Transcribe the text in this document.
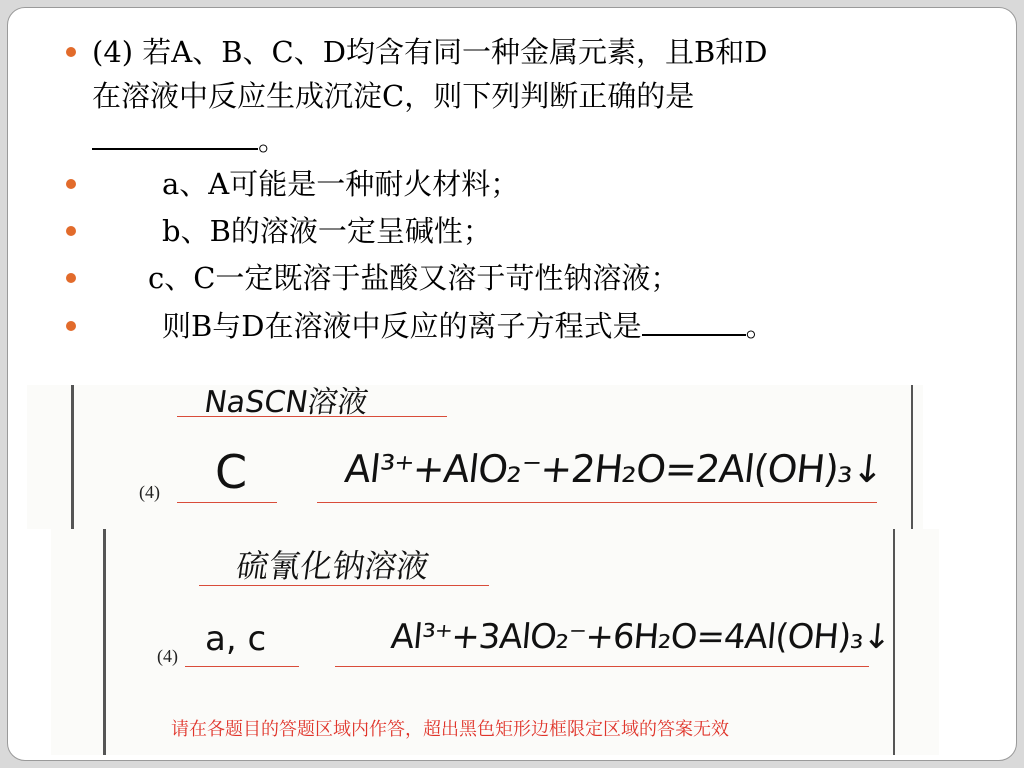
(4) 若A、B、C、D均含有同一种金属元素，且B和D
在溶液中反应生成沉淀C，则下列判断正确的是
。
a、A可能是一种耐火材料；
b、B的溶液一定呈碱性；
c、C一定既溶于盐酸又溶于苛性钠溶液；
则B与D在溶液中反应的离子方程式是	。
NaSCN溶液
(4) C	Al³⁺+AlO₂⁻+2H₂O=2Al(OH)₃↓
硫氰化钠溶液
(4) a, c	Al³⁺+3AlO₂⁻+6H₂O=4Al(OH)₃↓
请在各题目的答题区域内作答，超出黑色矩形边框限定区域的答案无效
